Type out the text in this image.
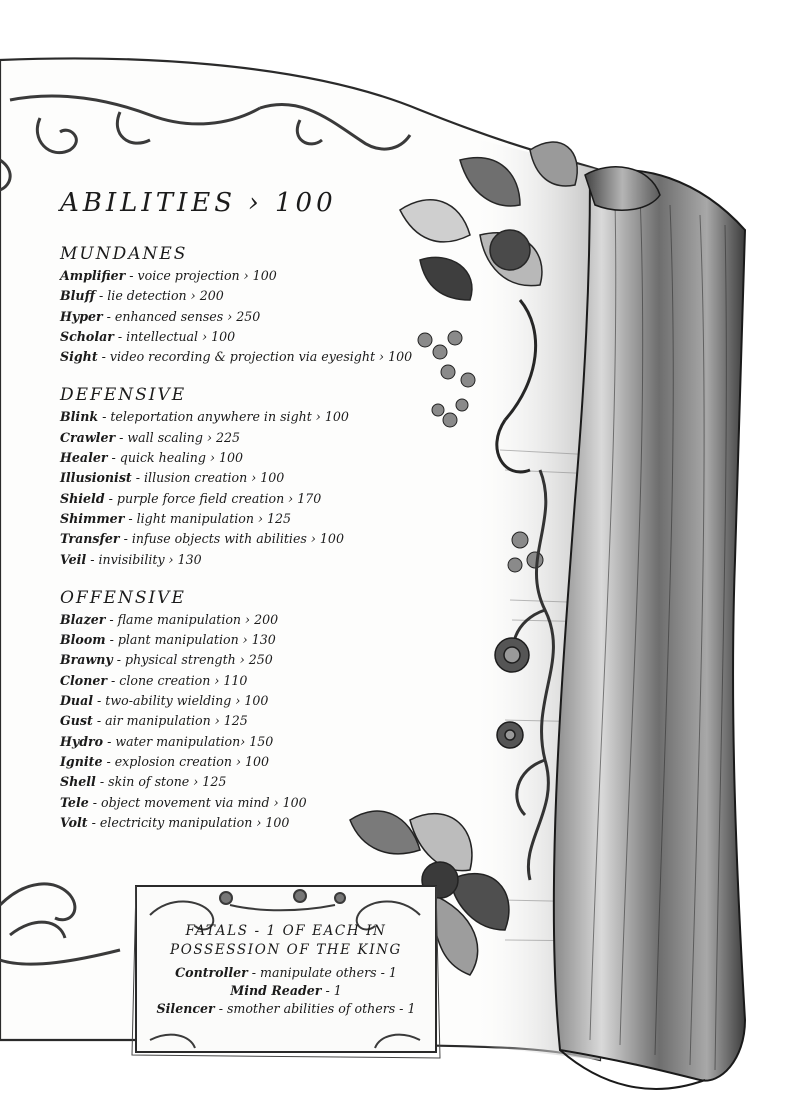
ABILITIES › 100
MUNDANES
Amplifier - voice projection › 100
Bluff - lie detection › 200
Hyper - enhanced senses › 250
Scholar - intellectual › 100
Sight - video recording & projection via eyesight › 100
DEFENSIVE
Blink - teleportation anywhere in sight › 100
Crawler - wall scaling › 225
Healer - quick healing › 100
Illusionist - illusion creation › 100
Shield - purple force field creation › 170
Shimmer - light manipulation › 125
Transfer - infuse objects with abilities › 100
Veil - invisibility › 130
OFFENSIVE
Blazer - flame manipulation › 200
Bloom - plant manipulation › 130
Brawny - physical strength › 250
Cloner - clone creation › 110
Dual - two-ability wielding › 100
Gust - air manipulation › 125
Hydro - water manipulation› 150
Ignite - explosion creation › 100
Shell - skin of stone › 125
Tele - object movement via mind › 100
Volt - electricity manipulation › 100
FATALS - 1 OF EACH IN
POSSESSION OF THE KING
Controller - manipulate others - 1
Mind Reader - 1
Silencer - smother abilities of others - 1
